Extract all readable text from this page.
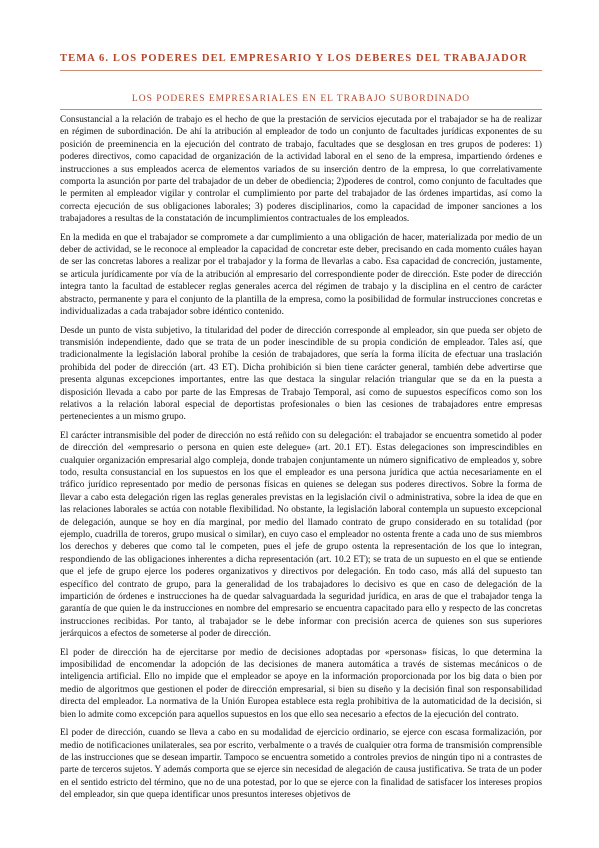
TEMA 6. LOS PODERES DEL EMPRESARIO Y LOS DEBERES DEL TRABAJADOR
LOS PODERES EMPRESARIALES EN EL TRABAJO SUBORDINADO

Consustancial a la relación de trabajo es el hecho de que la prestación de servicios ejecutada por el trabajador se ha de realizar en régimen de subordinación. De ahí la atribución al empleador de todo un conjunto de facultades jurídicas exponentes de su posición de preeminencia en la ejecución del contrato de trabajo, facultades que se desglosan en tres grupos de poderes: 1) poderes directivos, como capacidad de organización de la actividad laboral en el seno de la empresa, impartiendo órdenes e instrucciones a sus empleados acerca de elementos variados de su inserción dentro de la empresa, lo que correlativamente comporta la asunción por parte del trabajador de un deber de obediencia; 2)poderes de control, como conjunto de facultades que le permiten al empleador vigilar y controlar el cumplimiento por parte del trabajador de las órdenes impartidas, así como la correcta ejecución de sus obligaciones laborales; 3) poderes disciplinarios, como la capacidad de imponer sanciones a los trabajadores a resultas de la constatación de incumplimientos contractuales de los empleados.

En la medida en que el trabajador se compromete a dar cumplimiento a una obligación de hacer, materializada por medio de un deber de actividad, se le reconoce al empleador la capacidad de concretar este deber, precisando en cada momento cuáles hayan de ser las concretas labores a realizar por el trabajador y la forma de llevarlas a cabo. Esa capacidad de concreción, justamente, se articula jurídicamente por vía de la atribución al empresario del correspondiente poder de dirección. Este poder de dirección integra tanto la facultad de establecer reglas generales acerca del régimen de trabajo y la disciplina en el centro de carácter abstracto, permanente y para el conjunto de la plantilla de la empresa, como la posibilidad de formular instrucciones concretas e individualizadas a cada trabajador sobre idéntico contenido.

Desde un punto de vista subjetivo, la titularidad del poder de dirección corresponde al empleador, sin que pueda ser objeto de transmisión independiente, dado que se trata de un poder inescindible de su propia condición de empleador. Tales así, que tradicionalmente la legislación laboral prohíbe la cesión de trabajadores, que sería la forma ilícita de efectuar una traslación prohibida del poder de dirección (art. 43 ET). Dicha prohibición si bien tiene carácter general, también debe advertirse que presenta algunas excepciones importantes, entre las que destaca la singular relación triangular que se da en la puesta a disposición llevada a cabo por parte de las Empresas de Trabajo Temporal, así como de supuestos específicos como son los relativos a la relación laboral especial de deportistas profesionales o bien las cesiones de trabajadores entre empresas pertenecientes a un mismo grupo.

El carácter intransmisible del poder de dirección no está reñido con su delegación: el trabajador se encuentra sometido al poder de dirección del «empresario o persona en quien este delegue» (art. 20.1 ET). Estas delegaciones son imprescindibles en cualquier organización empresarial algo compleja, donde trabajen conjuntamente un número significativo de empleados y, sobre todo, resulta consustancial en los supuestos en los que el empleador es una persona jurídica que actúa necesariamente en el tráfico jurídico representado por medio de personas físicas en quienes se delegan sus poderes directivos. Sobre la forma de llevar a cabo esta delegación rigen las reglas generales previstas en la legislación civil o administrativa, sobre la idea de que en las relaciones laborales se actúa con notable flexibilidad. No obstante, la legislación laboral contempla un supuesto excepcional de delegación, aunque se hoy en día marginal, por medio del llamado contrato de grupo considerado en su totalidad (por ejemplo, cuadrilla de toreros, grupo musical o similar), en cuyo caso el empleador no ostenta frente a cada uno de sus miembros los derechos y deberes que como tal le competen, pues el jefe de grupo ostenta la representación de los que lo integran, respondiendo de las obligaciones inherentes a dicha representación (art. 10.2 ET); se trata de un supuesto en el que se entiende que el jefe de grupo ejerce los poderes organizativos y directivos por delegación. En todo caso, más allá del supuesto tan específico del contrato de grupo, para la generalidad de los trabajadores lo decisivo es que en caso de delegación de la impartición de órdenes e instrucciones ha de quedar salvaguardada la seguridad jurídica, en aras de que el trabajador tenga la garantía de que quien le da instrucciones en nombre del empresario se encuentra capacitado para ello y respecto de las concretas instrucciones recibidas. Por tanto, al trabajador se le debe informar con precisión acerca de quienes son sus superiores jerárquicos a efectos de someterse al poder de dirección.

El poder de dirección ha de ejercitarse por medio de decisiones adoptadas por «personas» físicas, lo que determina la imposibilidad de encomendar la adopción de las decisiones de manera automática a través de sistemas mecánicos o de inteligencia artificial. Ello no impide que el empleador se apoye en la información proporcionada por los big data o bien por medio de algoritmos que gestionen el poder de dirección empresarial, si bien su diseño y la decisión final son responsabilidad directa del empleador. La normativa de la Unión Europea establece esta regla prohibitiva de la automaticidad de la decisión, si bien lo admite como excepción para aquellos supuestos en los que ello sea necesario a efectos de la ejecución del contrato.

El poder de dirección, cuando se lleva a cabo en su modalidad de ejercicio ordinario, se ejerce con escasa formalización, por medio de notificaciones unilaterales, sea por escrito, verbalmente o a través de cualquier otra forma de transmisión comprensible de las instrucciones que se desean impartir. Tampoco se encuentra sometido a controles previos de ningún tipo ni a contrastes de parte de terceros sujetos. Y además comporta que se ejerce sin necesidad de alegación de causa justificativa. Se trata de un poder en el sentido estricto del término, que no de una potestad, por lo que se ejerce con la finalidad de satisfacer los intereses propios del empleador, sin que quepa identificar unos presuntos intereses objetivos de
